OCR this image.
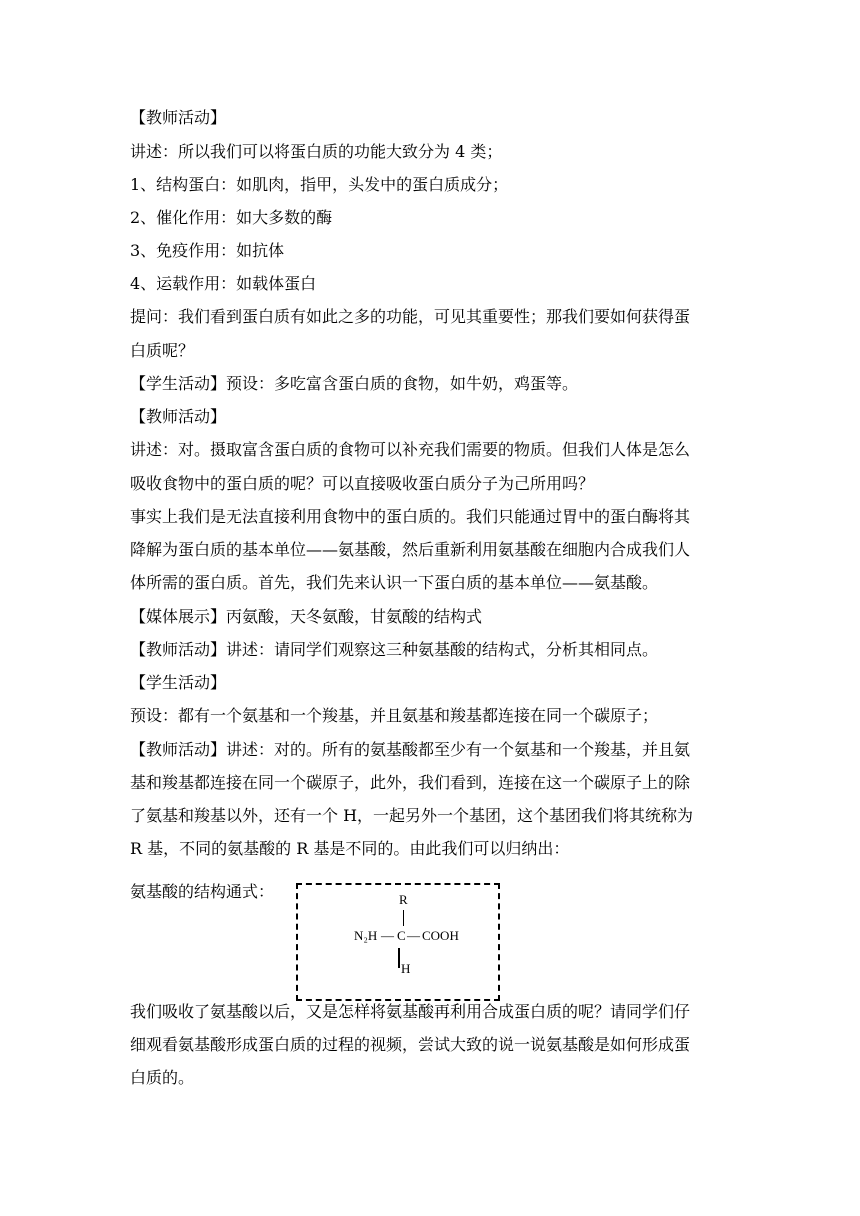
【教师活动】
讲述：所以我们可以将蛋白质的功能大致分为 4 类；
1、结构蛋白：如肌肉，指甲，头发中的蛋白质成分；
2、催化作用：如大多数的酶
3、免疫作用：如抗体
4、运载作用：如载体蛋白
提问：我们看到蛋白质有如此之多的功能，可见其重要性；那我们要如何获得蛋
白质呢？
【学生活动】预设：多吃富含蛋白质的食物，如牛奶，鸡蛋等。
【教师活动】
讲述：对。摄取富含蛋白质的食物可以补充我们需要的物质。但我们人体是怎么
吸收食物中的蛋白质的呢？可以直接吸收蛋白质分子为己所用吗？
事实上我们是无法直接利用食物中的蛋白质的。我们只能通过胃中的蛋白酶将其
降解为蛋白质的基本单位——氨基酸，然后重新利用氨基酸在细胞内合成我们人
体所需的蛋白质。首先，我们先来认识一下蛋白质的基本单位——氨基酸。
【媒体展示】丙氨酸，天冬氨酸，甘氨酸的结构式
【教师活动】讲述：请同学们观察这三种氨基酸的结构式，分析其相同点。
【学生活动】
预设：都有一个氨基和一个羧基，并且氨基和羧基都连接在同一个碳原子；
【教师活动】讲述：对的。所有的氨基酸都至少有一个氨基和一个羧基，并且氨
基和羧基都连接在同一个碳原子，此外，我们看到，连接在这一个碳原子上的除
了氨基和羧基以外，还有一个 H，一起另外一个基团，这个基团我们将其统称为
R 基，不同的氨基酸的 R 基是不同的。由此我们可以归纳出：
氨基酸的结构通式：	R
N₂H — C — COOH
H
我们吸收了氨基酸以后，又是怎样将氨基酸再利用合成蛋白质的呢？请同学们仔
细观看氨基酸形成蛋白质的过程的视频，尝试大致的说一说氨基酸是如何形成蛋
白质的。
